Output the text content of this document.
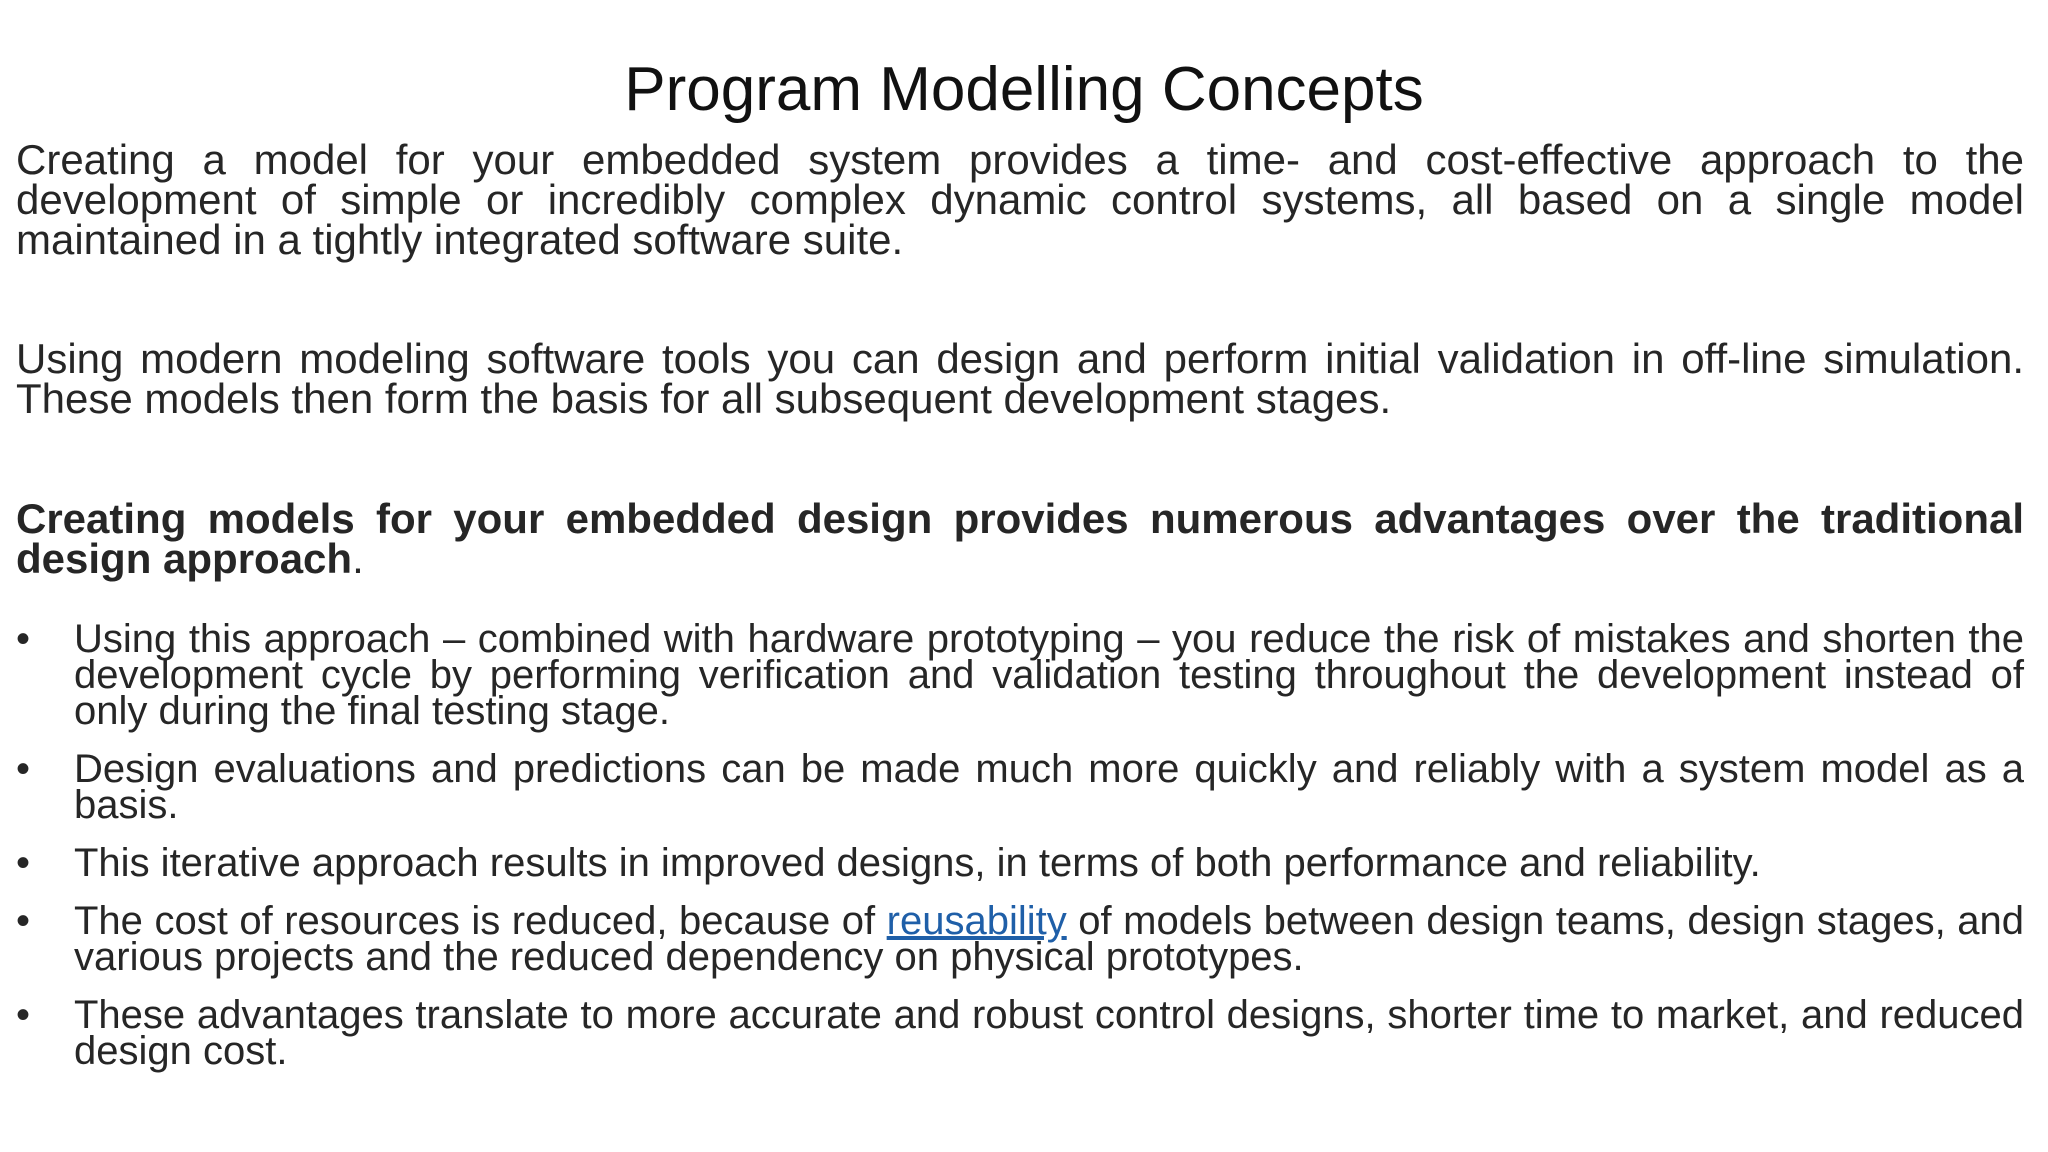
Program Modelling Concepts

Creating a model for your embedded system provides a time- and cost-effective approach to the development of simple or incredibly complex dynamic control systems, all based on a single model maintained in a tightly integrated software suite.

Using modern modeling software tools you can design and perform initial validation in off-line simulation. These models then form the basis for all subsequent development stages.

Creating models for your embedded design provides numerous advantages over the traditional design approach.

•	Using this approach – combined with hardware prototyping – you reduce the risk of mistakes and shorten the development cycle by performing verification and validation testing throughout the development instead of only during the final testing stage.
•	Design evaluations and predictions can be made much more quickly and reliably with a system model as a basis.
•	This iterative approach results in improved designs, in terms of both performance and reliability.
•	The cost of resources is reduced, because of reusability of models between design teams, design stages, and various projects and the reduced dependency on physical prototypes.
•	These advantages translate to more accurate and robust control designs, shorter time to market, and reduced design cost.
